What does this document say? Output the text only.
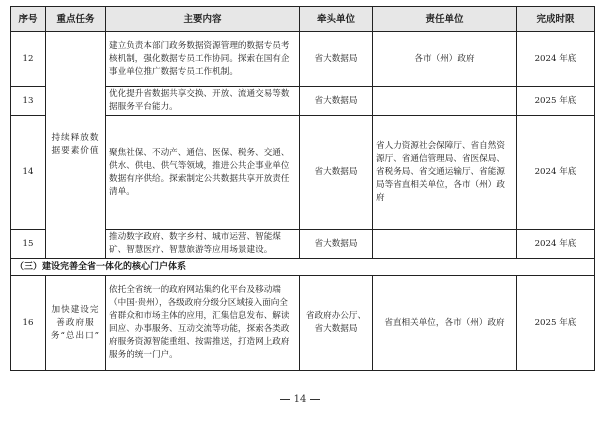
序号	重点任务	主要内容	牵头单位	责任单位	完成时限
12	持续释放数据要素价值	建立负责本部门政务数据资源管理的数据专员考核机制，强化数据专员工作协同。探索在国有企事业单位推广数据专员工作机制。	省大数据局	各市（州）政府	2024 年底
13		优化提升省数据共享交换、开放、流通交易等数据服务平台能力。	省大数据局		2025 年底
14		聚焦社保、不动产、通信、医保、税务、交通、供水、供电、供气等领域，推进公共企事业单位数据有序供给。探索制定公共数据共享开放责任清单。	省大数据局	省人力资源社会保障厅、省自然资源厅、省通信管理局、省医保局、省税务局、省交通运输厅、省能源局等省直相关单位，各市（州）政府	2024 年底
15		推动数字政府、数字乡村、城市运营、智能煤矿、智慧医疗、智慧旅游等应用场景建设。	省大数据局		2024 年底
（三）建设完善全省一体化的核心门户体系					
16	加快建设完善政府服务“总出口”	依托全省统一的政府网站集约化平台及移动端（中国·贵州），各级政府分级分区域接入面向全省群众和市场主体的应用，汇集信息发布、解读回应、办事服务、互动交流等功能，探索各类政府服务资源智能重组、按需推送，打造网上政府服务的统一门户。	省政府办公厅、省大数据局	省直相关单位，各市（州）政府	2025 年底
14
